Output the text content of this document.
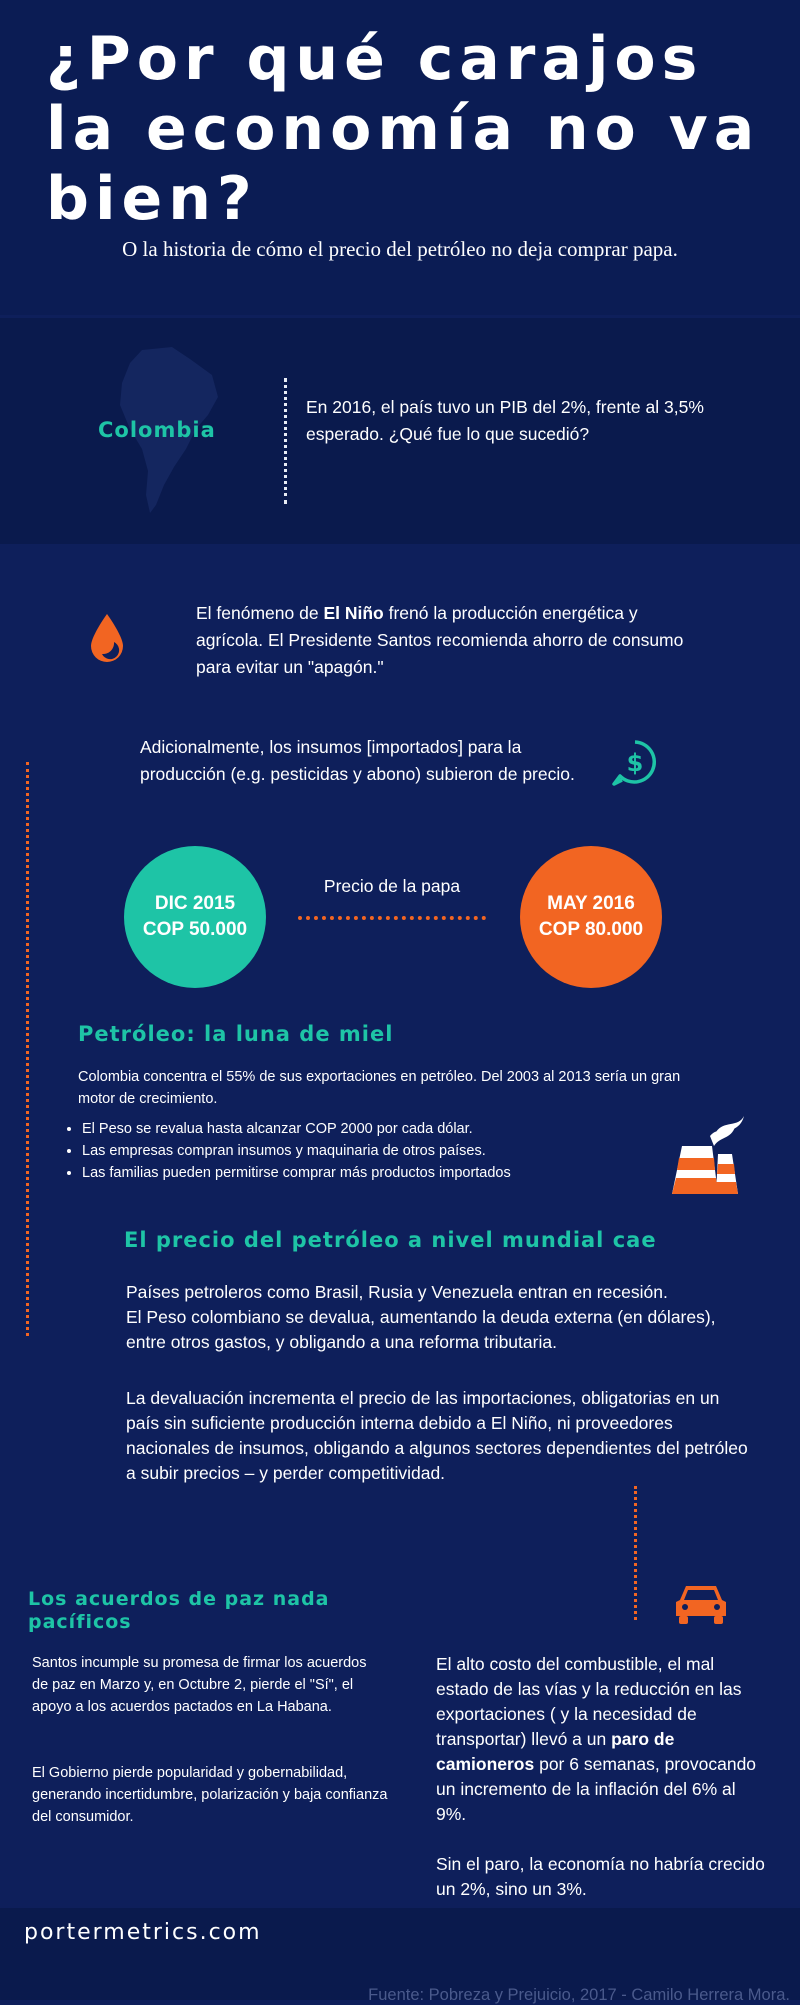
¿Por qué carajos la economía no va bien?
O la historia de cómo el precio del petróleo no deja comprar papa.
Colombia
En 2016, el país tuvo un PIB del 2%, frente al 3,5% esperado. ¿Qué fue lo que sucedió?
El fenómeno de El Niño frenó la producción energética y agrícola. El Presidente Santos recomienda ahorro de consumo para evitar un "apagón."
Adicionalmente, los insumos [importados] para la producción (e.g. pesticidas y abono) subieron de precio. $
DIC 2015
COP 50.000
Precio de la papa
MAY 2016
COP 80.000
Petróleo: la luna de miel
Colombia concentra el 55% de sus exportaciones en petróleo. Del 2003 al 2013 sería un gran motor de crecimiento.
• El Peso se revalua hasta alcanzar COP 2000 por cada dólar.
• Las empresas compran insumos y maquinaria de otros países.
• Las familias pueden permitirse comprar más productos importados
El precio del petróleo a nivel mundial cae
Países petroleros como Brasil, Rusia y Venezuela entran en recesión.
El Peso colombiano se devalua, aumentando la deuda externa (en dólares), entre otros gastos, y obligando a una reforma tributaria.
La devaluación incrementa el precio de las importaciones, obligatorias en un país sin suficiente producción interna debido a El Niño, ni proveedores nacionales de insumos, obligando a algunos sectores dependientes del petróleo a subir precios – y perder competitividad.
Los acuerdos de paz nada pacíficos
Santos incumple su promesa de firmar los acuerdos de paz en Marzo y, en Octubre 2, pierde el "Sí", el apoyo a los acuerdos pactados en La Habana.
El Gobierno pierde popularidad y gobernabilidad, generando incertidumbre, polarización y baja confianza del consumidor.
El alto costo del combustible, el mal estado de las vías y la reducción en las exportaciones ( y la necesidad de transportar) llevó a un paro de camioneros por 6 semanas, provocando un incremento de la inflación del 6% al 9%.
Sin el paro, la economía no habría crecido un 2%, sino un 3%.
portermetrics.com
Fuente: Pobreza y Prejuicio, 2017 - Camilo Herrera Mora.
